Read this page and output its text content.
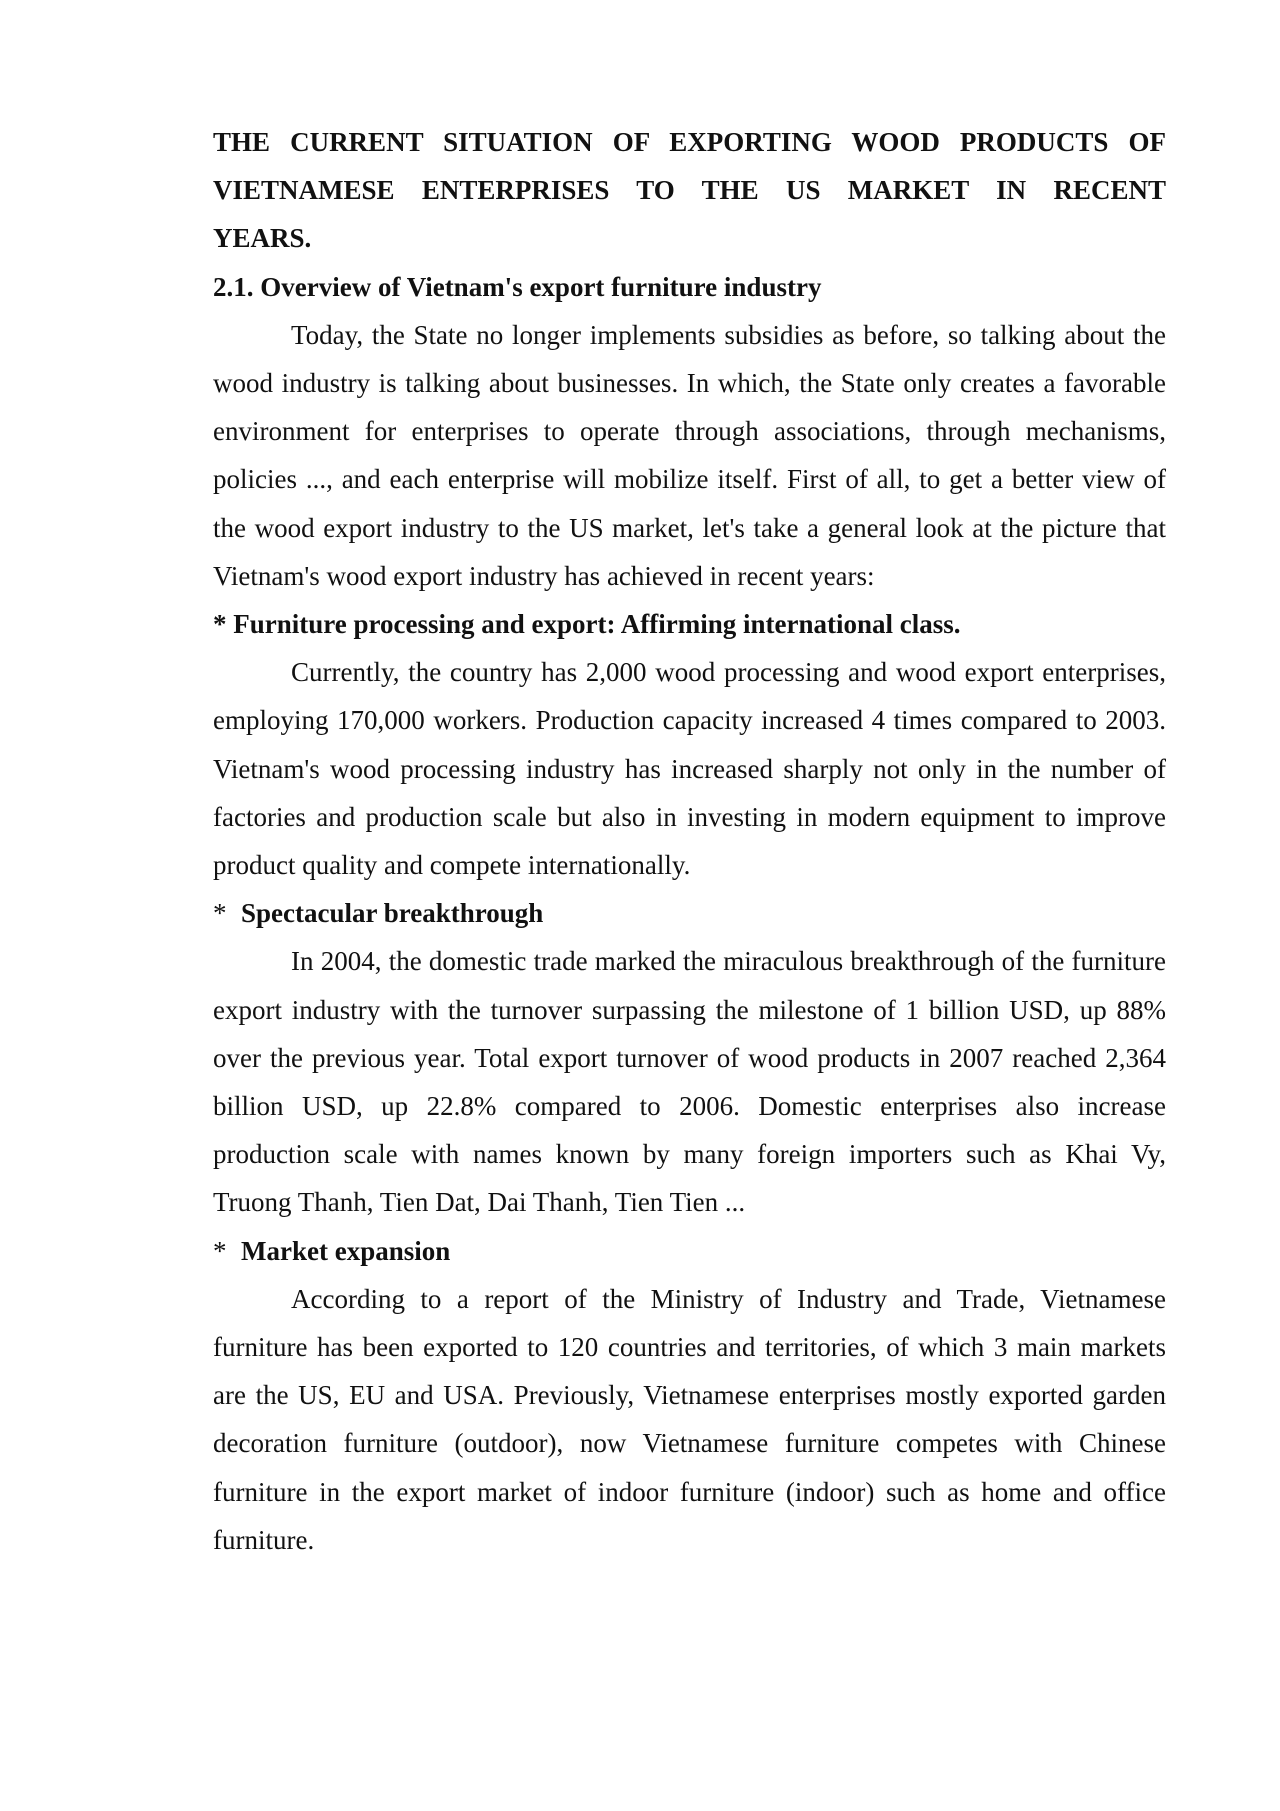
THE CURRENT SITUATION OF EXPORTING WOOD PRODUCTS OF VIETNAMESE ENTERPRISES TO THE US MARKET IN RECENT YEARS.

2.1. Overview of Vietnam's export furniture industry

Today, the State no longer implements subsidies as before, so talking about the wood industry is talking about businesses. In which, the State only creates a favorable environment for enterprises to operate through associations, through mechanisms, policies ..., and each enterprise will mobilize itself. First of all, to get a better view of the wood export industry to the US market, let's take a general look at the picture that Vietnam's wood export industry has achieved in recent years:

* Furniture processing and export: Affirming international class.

Currently, the country has 2,000 wood processing and wood export enterprises, employing 170,000 workers. Production capacity increased 4 times compared to 2003. Vietnam's wood processing industry has increased sharply not only in the number of factories and production scale but also in investing in modern equipment to improve product quality and compete internationally.

* Spectacular breakthrough

In 2004, the domestic trade marked the miraculous breakthrough of the furniture export industry with the turnover surpassing the milestone of 1 billion USD, up 88% over the previous year. Total export turnover of wood products in 2007 reached 2,364 billion USD, up 22.8% compared to 2006. Domestic enterprises also increase production scale with names known by many foreign importers such as Khai Vy, Truong Thanh, Tien Dat, Dai Thanh, Tien Tien ...

* Market expansion

According to a report of the Ministry of Industry and Trade, Vietnamese furniture has been exported to 120 countries and territories, of which 3 main markets are the US, EU and USA. Previously, Vietnamese enterprises mostly exported garden decoration furniture (outdoor), now Vietnamese furniture competes with Chinese furniture in the export market of indoor furniture (indoor) such as home and office furniture.
